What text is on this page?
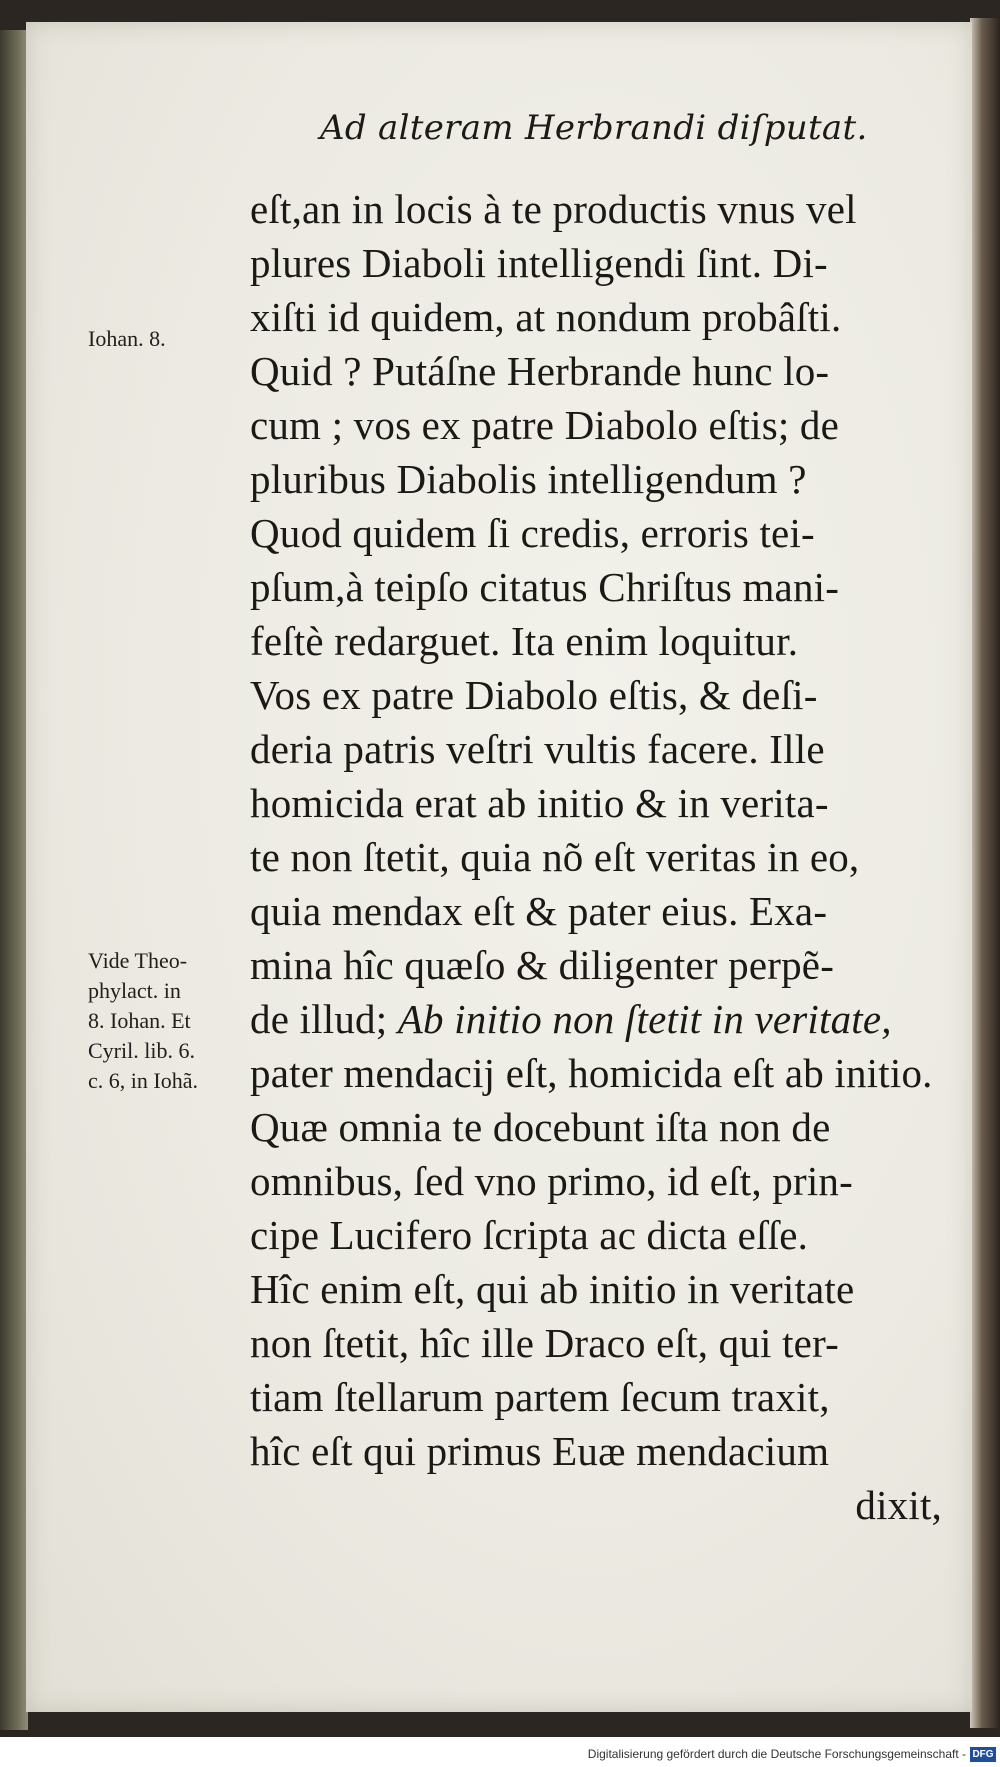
Ad alteram Herbrandi diſputat.
Iohan. 8.
Vide Theo-
phylact. in
8. Iohan. Et
Cyril. lib. 6.
c. 6, in Iohã.
eſt,an in locis à te productis vnus vel
plures Diaboli intelligendi ſint. Di-
xiſti id quidem, at nondum probâſti.
Quid ? Putáſne Herbrande hunc lo-
cum ; vos ex patre Diabolo eſtis; de
pluribus Diabolis intelligendum ?
Quod quidem ſi credis, erroris tei-
pſum,à teipſo citatus Chriſtus mani-
feſtè redarguet. Ita enim loquitur.
Vos ex patre Diabolo eſtis, & deſi-
deria patris veſtri vultis facere. Ille
homicida erat ab initio & in verita-
te non ſtetit, quia nõ eſt veritas in eo,
quia mendax eſt & pater eius. Exa-
mina hîc quæſo & diligenter perpẽ-
de illud; Ab initio non ſtetit in veritate,
pater mendacij eſt, homicida eſt ab initio.
Quæ omnia te docebunt iſta non de
omnibus, ſed vno primo, id eſt, prin-
cipe Lucifero ſcripta ac dicta eſſe.
Hîc enim eſt, qui ab initio in veritate
non ſtetit, hîc ille Draco eſt, qui ter-
tiam ſtellarum partem ſecum traxit,
hîc eſt qui primus Euæ mendacium
dixit,
Digitalisierung gefördert durch die Deutsche Forschungsgemeinschaft - DFG
